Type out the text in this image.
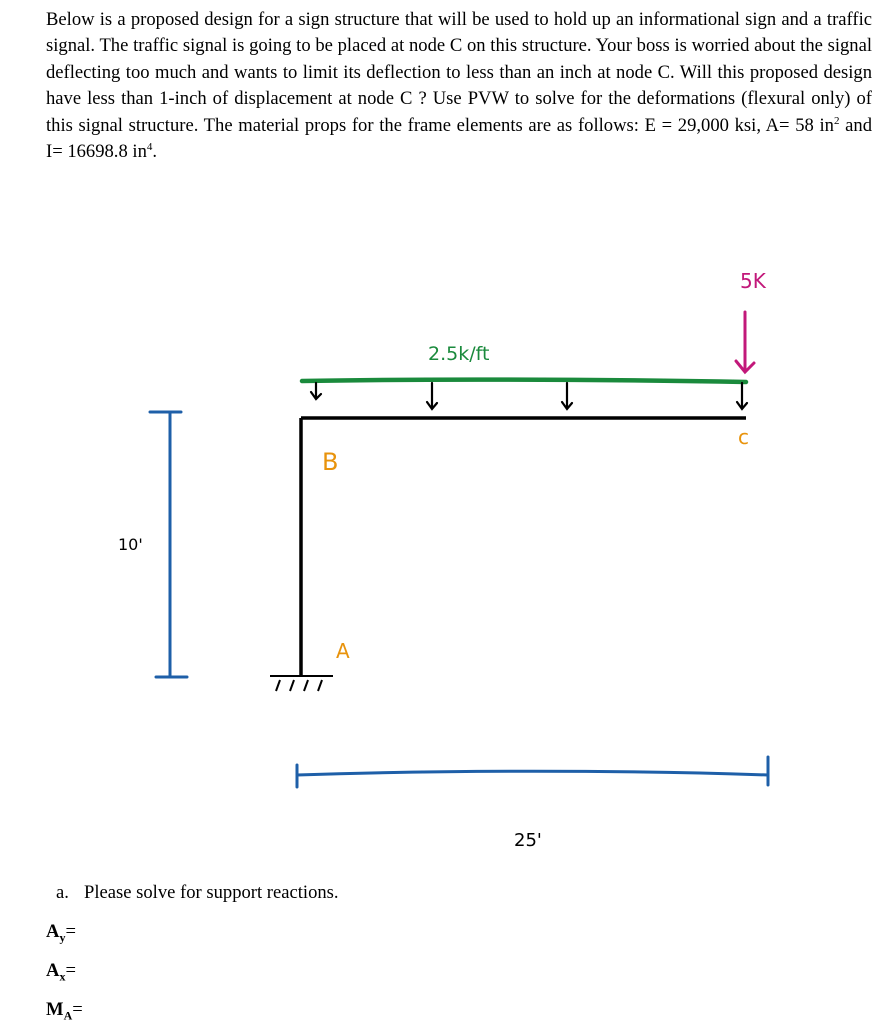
Below is a proposed design for a sign structure that will be used to hold up an informational sign and a traffic signal. The traffic signal is going to be placed at node C on this structure. Your boss is worried about the signal deflecting too much and wants to limit its deflection to less than an inch at node C. Will this proposed design have less than 1-inch of displacement at node C ? Use PVW to solve for the deformations (flexural only) of this signal structure. The material props for the frame elements are as follows: E = 29,000 ksi, A= 58 $in^2$ and I= 16698.8 $in^4$.

5K
2.5k/ft
B
c
A
10'
25'

a. Please solve for support reactions.

$A_y=$

$A_x=$

$M_A=$
